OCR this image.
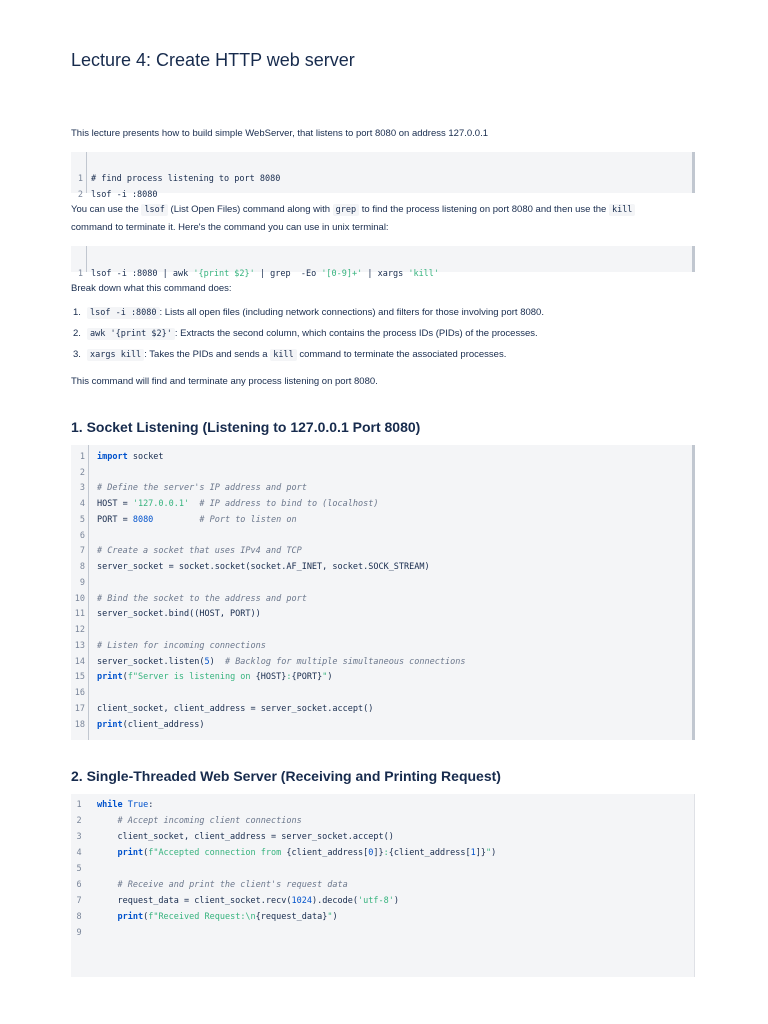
Lecture 4: Create HTTP web server

This lecture presents how to build simple WebServer, that listens to port 8080 on address 127.0.0.1

1 # find process listening to port 8080

2 lsof -i :8080

You can use the lsof (List Open Files) command along with grep to find the process listening on port 8080 and then use the kill
command to terminate it. Here's the command you can use in unix terminal:

1 lsof -i :8080 | awk '{print $2}' | grep  -Eo '[0-9]+' | xargs 'kill'

Break down what this command does:

1. lsof -i :8080 : Lists all open files (including network connections) and filters for those involving port 8080.
2. awk '{print $2}' : Extracts the second column, which contains the process IDs (PIDs) of the processes.
3. xargs kill : Takes the PIDs and sends a kill command to terminate the associated processes.

This command will find and terminate any process listening on port 8080.

1. Socket Listening (Listening to 127.0.0.1 Port 8080)
1 import socket
2
3 # Define the server's IP address and port
4 HOST = '127.0.0.1'  # IP address to bind to (localhost)
5 PORT = 8080         # Port to listen on
6
7 # Create a socket that uses IPv4 and TCP
8 server_socket = socket.socket(socket.AF_INET, socket.SOCK_STREAM)
9
10 # Bind the socket to the address and port
11 server_socket.bind((HOST, PORT))
12
13 # Listen for incoming connections
14 server_socket.listen(5)  # Backlog for multiple simultaneous connections
15 print(f"Server is listening on {HOST}:{PORT}")
16
17 client_socket, client_address = server_socket.accept()
18 print(client_address)
2. Single-Threaded Web Server (Receiving and Printing Request)
1	while True:
2	# Accept incoming client connections
3	client_socket, client_address = server_socket.accept()
4	print(f"Accepted connection from {client_address[0]}:{client_address[1]}")
5
6	# Receive and print the client's request data
7	request_data = client_socket.recv(1024).decode('utf-8')
8	print(f"Received Request:\n{request_data}")
9
